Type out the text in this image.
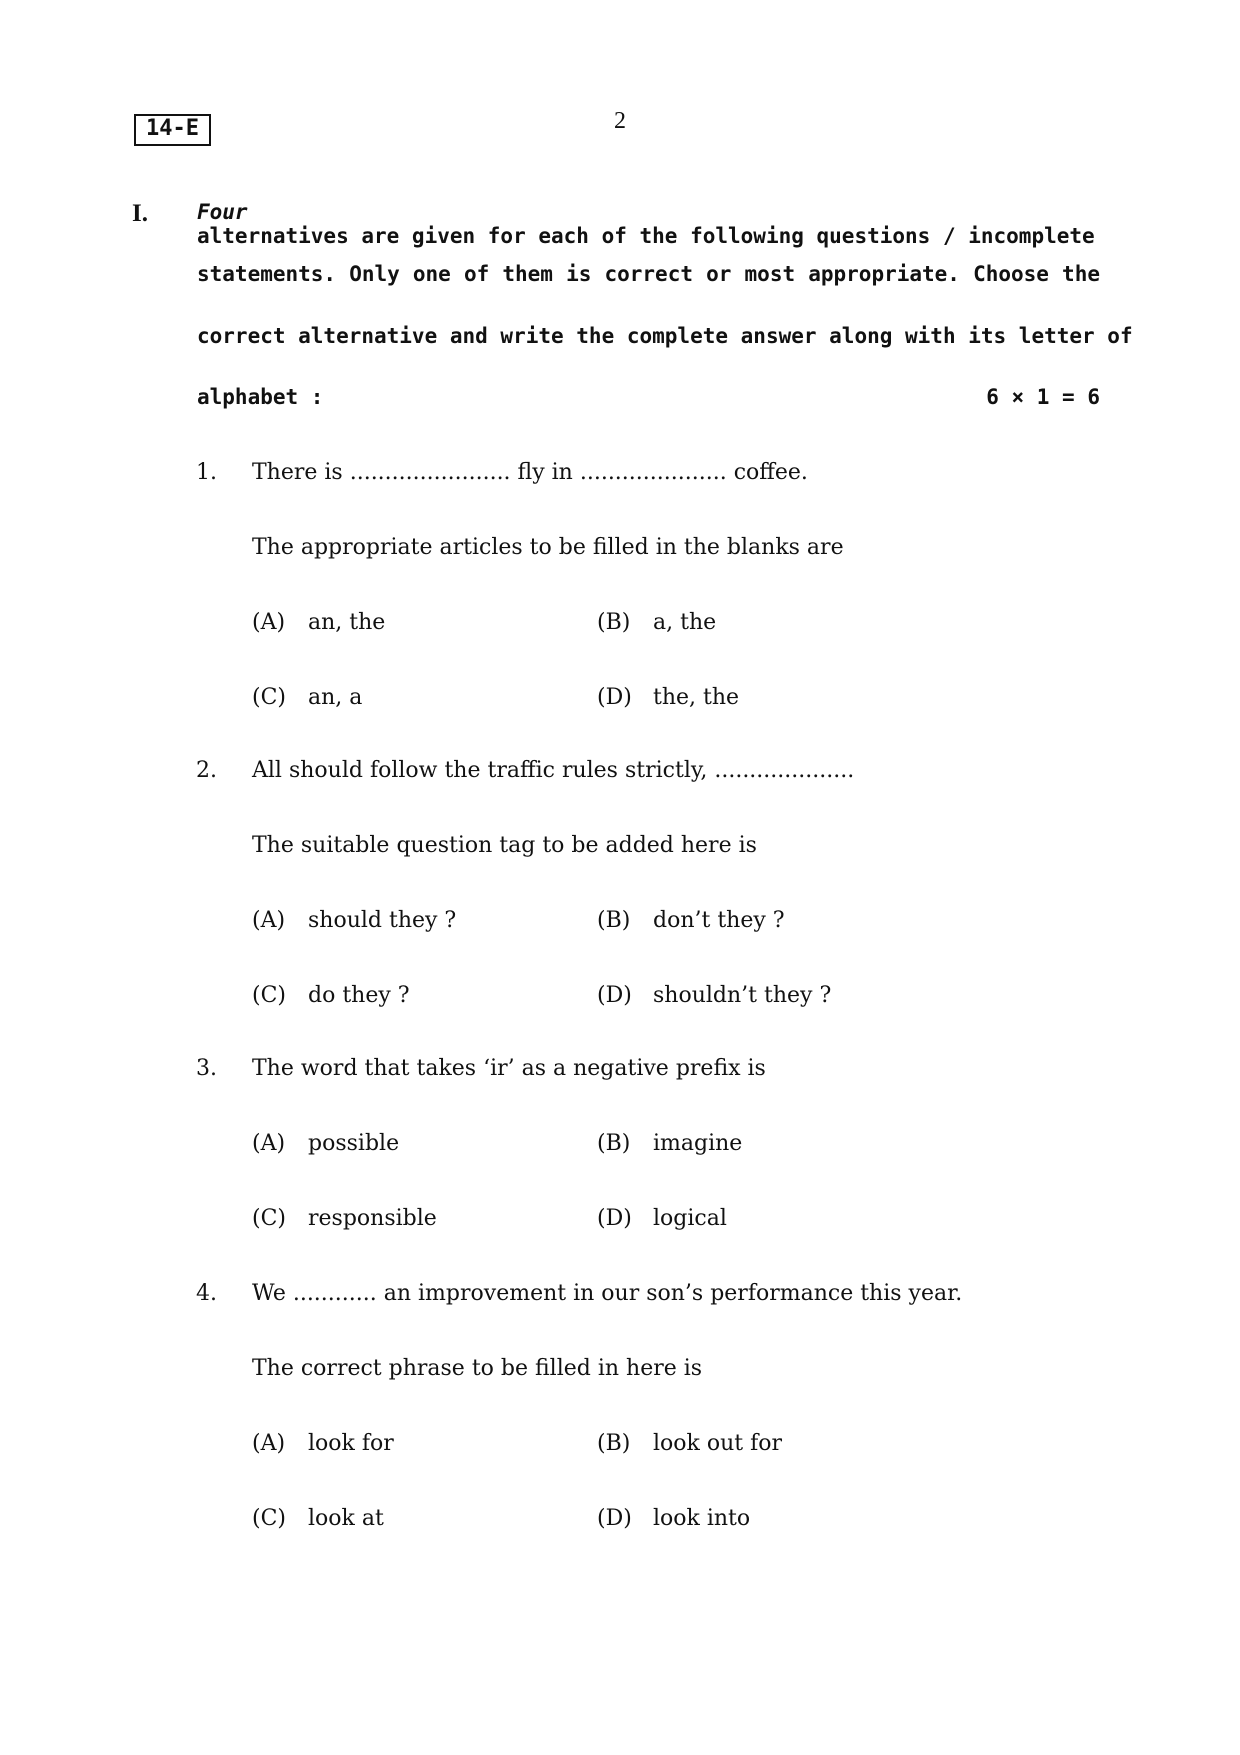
14-E	2
I. Four
alternatives are given for each of the following questions / incomplete
statements. Only one of them is correct or most appropriate. Choose the
correct alternative and write the complete answer along with its letter of
alphabet :	6 × 1 = 6
1. There is ....................... fly in ..................... coffee.
The appropriate articles to be filled in the blanks are
(A) an, the	(B) a, the
(C) an, a	(D) the, the
2. All should follow the traffic rules strictly, ....................
The suitable question tag to be added here is
(A) should they ?	(B) don’t they ?
(C) do they ?	(D) shouldn’t they ?
3. The word that takes ‘ir’ as a negative prefix is
(A) possible	(B) imagine
(C) responsible	(D) logical
4. We ............ an improvement in our son’s performance this year.
The correct phrase to be filled in here is
(A) look for	(B) look out for
(C) look at	(D) look into
